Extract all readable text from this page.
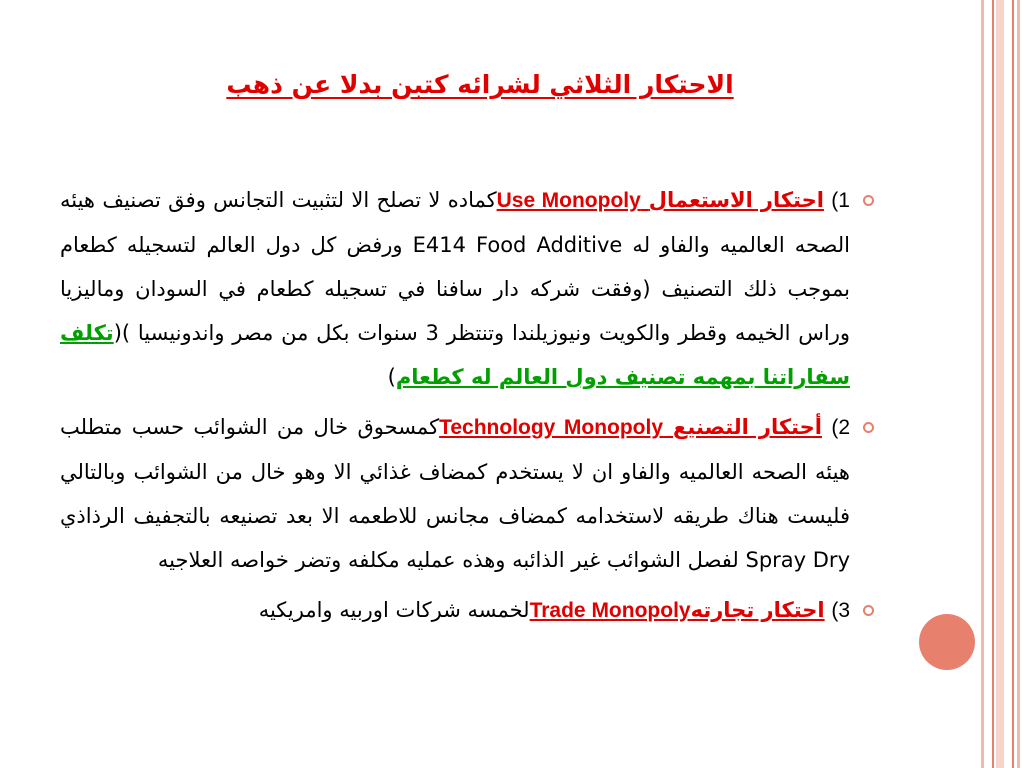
الاحتكار الثلاثي لشرائه كتبن بدلا عن ذهب

1) احتكار الاستعمال Use Monopolyكماده لا تصلح الا لتثبيت التجانس وفق تصنيف هيئه الصحه العالميه والفاو له E414 Food Additive ورفض كل دول العالم لتسجيله كطعام بموجب ذلك التصنيف (وفقت شركه دار سافنا في تسجيله كطعام في السودان وماليزيا وراس الخيمه وقطر والكويت ونيوزيلندا وتنتظر 3 سنوات بكل من مصر واندونيسيا )(تكلف سفاراتنا بمهمه تصنيف دول العالم له كطعام)

2) أحتكار التصنيع Technology Monopolyكمسحوق خال من الشوائب حسب متطلب هيئه الصحه العالميه والفاو ان لا يستخدم كمضاف غذائي الا وهو خال من الشوائب وبالتالي فليست هناك طريقه لاستخدامه كمضاف مجانس للاطعمه الا بعد تصنيعه بالتجفيف الرذاذي Spray Dry لفصل الشوائب غير الذائبه وهذه عمليه مكلفه وتضر خواصه العلاجيه

3) احتكار تجارتهTrade Monopolyلخمسه شركات اوربيه وامريكيه
